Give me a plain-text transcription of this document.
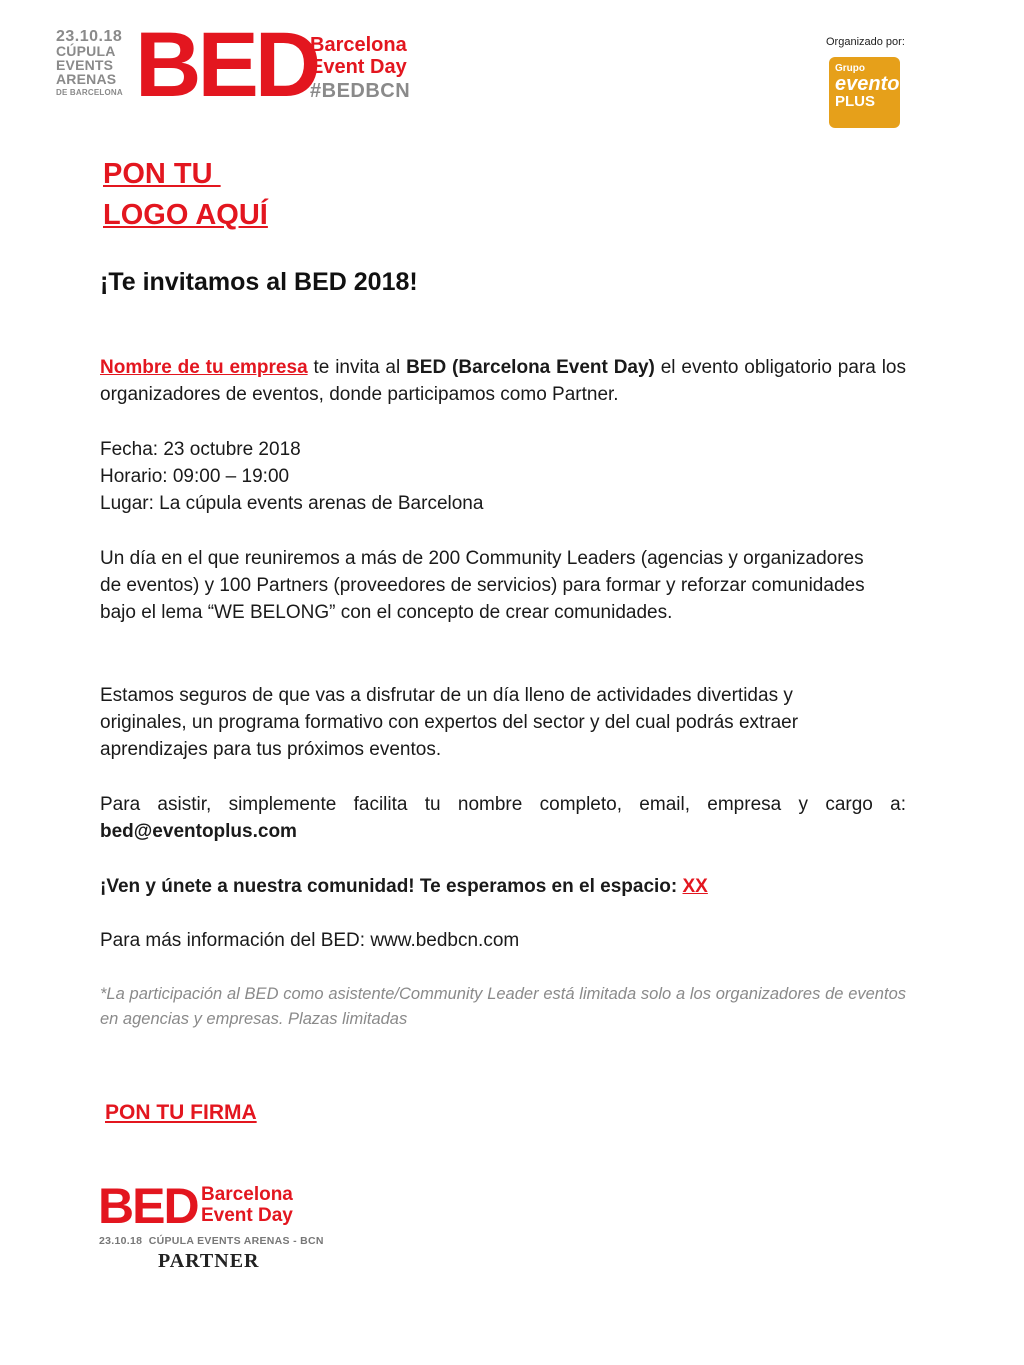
23.10.18
CÚPULA
EVENTS
ARENAS
DE BARCELONA BED
Barcelona
Event Day
#BEDBCN
Organizado por:
Grupo
evento
PLUS
PON TU
LOGO AQUÍ
¡Te invitamos al BED 2018!
Nombre de tu empresa te invita al BED (Barcelona Event Day) el evento obligatorio para los organizadores de eventos, donde participamos como Partner.
Fecha: 23 octubre 2018
Horario: 09:00 – 19:00
Lugar: La cúpula events arenas de Barcelona
Un día en el que reuniremos a más de 200 Community Leaders (agencias y organizadores de eventos) y 100 Partners (proveedores de servicios) para formar y reforzar comunidades bajo el lema “WE BELONG” con el concepto de crear comunidades.
Estamos seguros de que vas a disfrutar de un día lleno de actividades divertidas y originales, un programa formativo con expertos del sector y del cual podrás extraer aprendizajes para tus próximos eventos.
Para asistir, simplemente facilita tu nombre completo, email, empresa y cargo a:
bed@eventoplus.com
¡Ven y únete a nuestra comunidad! Te esperamos en el espacio: XX
Para más información del BED: www.bedbcn.com
*La participación al BED como asistente/Community Leader está limitada solo a los organizadores de eventos en agencias y empresas. Plazas limitadas
PON TU FIRMA
BED Barcelona
Event Day
23.10.18  CÚPULA EVENTS ARENAS - BCN
PARTNER
